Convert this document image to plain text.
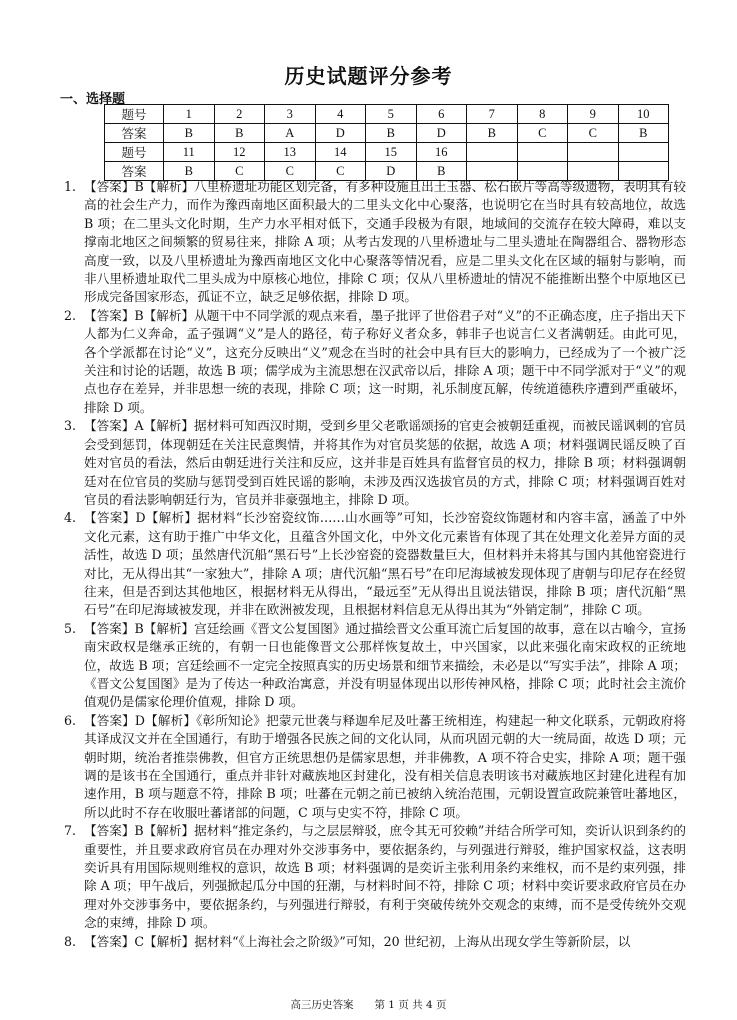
历史试题评分参考
一、选择题
题号	1	2	3	4	5	6	7	8	9	10
答案	B	B	A	D	B	D	B	C	C	B
题号	11	12	13	14	15	16				
答案	B	C	C	C	D	B				
1. 【答案】B【解析】八里桥遗址功能区划完备，有多种设施且出土玉器、松石嵌片等高等级遗物，表明其有较高的社会生产力，而作为豫西南地区面积最大的二里头文化中心聚落，也说明它在当时具有较高地位，故选 B 项；在二里头文化时期，生产力水平相对低下，交通手段极为有限，地域间的交流存在较大障碍，难以支撑南北地区之间频繁的贸易往来，排除 A 项；从考古发现的八里桥遗址与二里头遗址在陶器组合、器物形态高度一致，以及八里桥遗址为豫西南地区文化中心聚落等情况看，应是二里头文化在区域的辐射与影响，而非八里桥遗址取代二里头成为中原核心地位，排除 C 项；仅从八里桥遗址的情况不能推断出整个中原地区已形成完备国家形态，孤证不立，缺乏足够依据，排除 D 项。
2. 【答案】B【解析】从题干中不同学派的观点来看，墨子批评了世俗君子对“义”的不正确态度，庄子指出天下人都为仁义奔命，孟子强调“义”是人的路径，荀子称好义者众多，韩非子也说言仁义者满朝廷。由此可见，各个学派都在讨论“义”，这充分反映出“义”观念在当时的社会中具有巨大的影响力，已经成为了一个被广泛关注和讨论的话题，故选 B 项；儒学成为主流思想在汉武帝以后，排除 A 项；题干中不同学派对于“义”的观点也存在差异，并非思想一统的表现，排除 C 项；这一时期，礼乐制度瓦解，传统道德秩序遭到严重破坏，排除 D 项。
3. 【答案】A【解析】据材料可知西汉时期，受到乡里父老歌谣颂扬的官吏会被朝廷重视，而被民谣讽刺的官员会受到惩罚，体现朝廷在关注民意舆情，并将其作为对官员奖惩的依据，故选 A 项；材料强调民谣反映了百姓对官员的看法，然后由朝廷进行关注和反应，这并非是百姓具有监督官员的权力，排除 B 项；材料强调朝廷对在位官员的奖励与惩罚受到百姓民谣的影响，未涉及西汉选拔官员的方式，排除 C 项；材料强调百姓对官员的看法影响朝廷行为，官员并非豪强地主，排除 D 项。
4. 【答案】D【解析】据材料“长沙窑瓷纹饰……山水画等”可知，长沙窑瓷纹饰题材和内容丰富，涵盖了中外文化元素，这有助于推广中华文化，且蕴含外国文化，中外文化元素皆有体现了其在处理文化差异方面的灵活性，故选 D 项；虽然唐代沉船“黑石号”上长沙窑瓷的瓷器数量巨大，但材料并未将其与国内其他窑瓷进行对比，无从得出其“一家独大”，排除 A 项；唐代沉船“黑石号”在印尼海域被发现体现了唐朝与印尼存在经贸往来，但是否到达其他地区，根据材料无从得出，“最远至”无从得出且说法错误，排除 B 项；唐代沉船“黑石号”在印尼海域被发现，并非在欧洲被发现，且根据材料信息无从得出其为“外销定制”，排除 C 项。
5. 【答案】B【解析】宫廷绘画《晋文公复国图》通过描绘晋文公重耳流亡后复国的故事，意在以古喻今，宣扬南宋政权是继承正统的，有朝一日也能像晋文公那样恢复故土，中兴国家，以此来强化南宋政权的正统地位，故选 B 项；宫廷绘画不一定完全按照真实的历史场景和细节来描绘，未必是以“写实手法”，排除 A 项；《晋文公复国图》是为了传达一种政治寓意，并没有明显体现出以形传神风格，排除 C 项；此时社会主流价值观仍是儒家伦理价值观，排除 D 项。
6. 【答案】D【解析】《彰所知论》把蒙元世袭与释迦牟尼及吐蕃王统相连，构建起一种文化联系，元朝政府将其译成汉文并在全国通行，有助于增强各民族之间的文化认同，从而巩固元朝的大一统局面，故选 D 项；元朝时期，统治者推崇佛教，但官方正统思想仍是儒家思想，并非佛教，A 项不符合史实，排除 A 项；题干强调的是该书在全国通行，重点并非针对藏族地区封建化，没有相关信息表明该书对藏族地区封建化进程有加速作用，B 项与题意不符，排除 B 项；吐蕃在元朝之前已被纳入统治范围，元朝设置宣政院兼管吐蕃地区，所以此时不存在收服吐蕃诸部的问题，C 项与史实不符，排除 C 项。
7. 【答案】B【解析】据材料“推定条约，与之层层辩驳，庶令其无可狡赖”并结合所学可知，奕䜣认识到条约的重要性，并且要求政府官员在办理对外交涉事务中，要依据条约，与列强进行辩驳，维护国家权益，这表明奕䜣具有用国际规则维权的意识，故选 B 项；材料强调的是奕䜣主张利用条约来维权，而不是约束列强，排除 A 项；甲午战后，列强掀起瓜分中国的狂潮，与材料时间不符，排除 C 项；材料中奕䜣要求政府官员在办理对外交涉事务中，要依据条约，与列强进行辩驳，有利于突破传统外交观念的束缚，而不是受传统外交观念的束缚，排除 D 项。
8. 【答案】C【解析】据材料“《上海社会之阶级》”可知，20 世纪初，上海从出现女学生等新阶层，以
高三历史答案　　第 1 页 共 4 页
